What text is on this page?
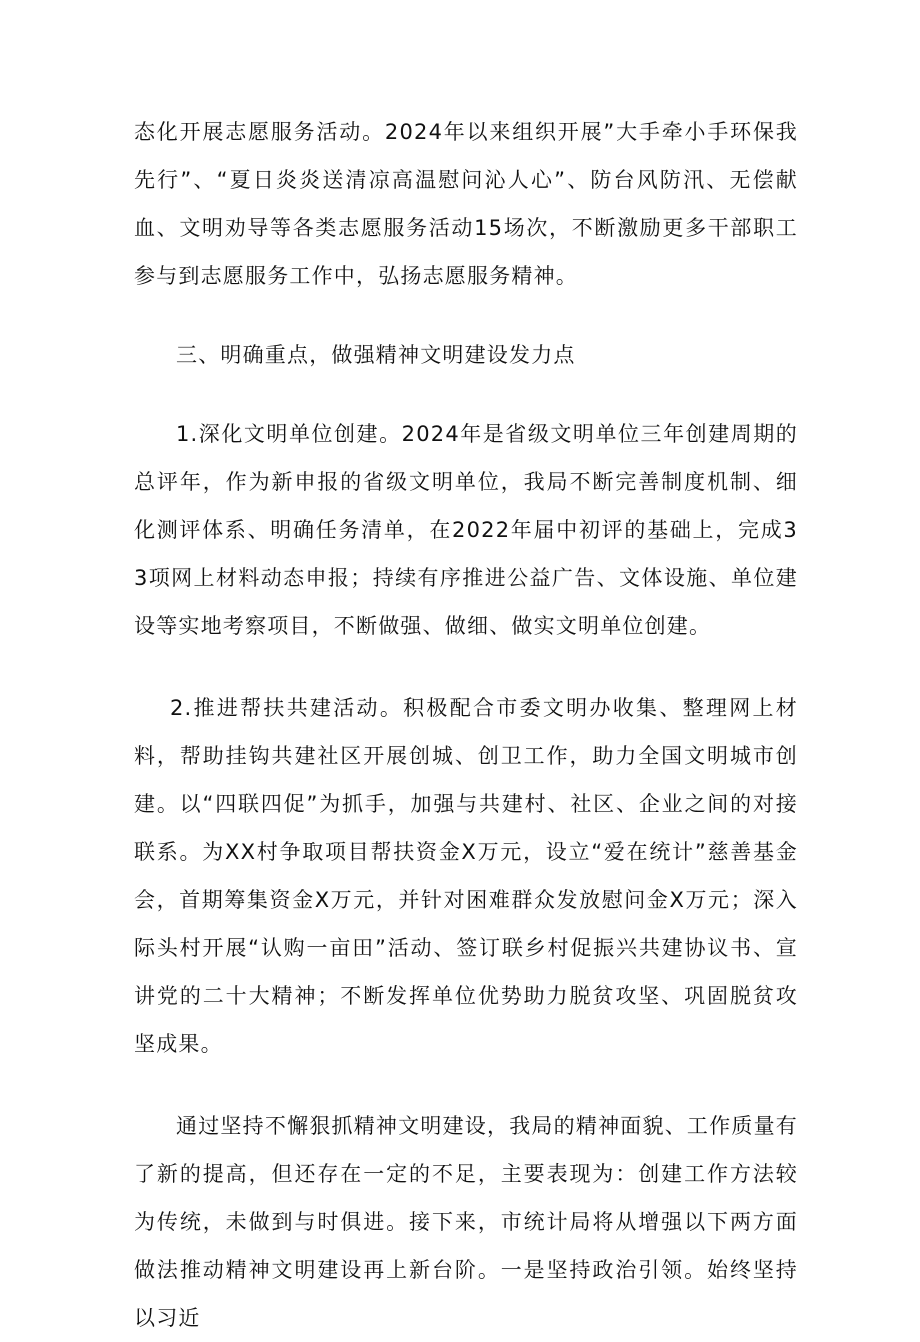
态化开展志愿服务活动。2024年以来组织开展”大手牵小手环保我先行”、“夏日炎炎送清凉高温慰问沁人心”、防台风防汛、无偿献血、文明劝导等各类志愿服务活动15场次，不断激励更多干部职工参与到志愿服务工作中，弘扬志愿服务精神。

三、明确重点，做强精神文明建设发力点

1.深化文明单位创建。2024年是省级文明单位三年创建周期的总评年，作为新申报的省级文明单位，我局不断完善制度机制、细化测评体系、明确任务清单，在2022年届中初评的基础上，完成33项网上材料动态申报；持续有序推进公益广告、文体设施、单位建设等实地考察项目，不断做强、做细、做实文明单位创建。

2.推进帮扶共建活动。积极配合市委文明办收集、整理网上材料，帮助挂钩共建社区开展创城、创卫工作，助力全国文明城市创建。以“四联四促”为抓手，加强与共建村、社区、企业之间的对接联系。为XX村争取项目帮扶资金X万元，设立“爱在统计”慈善基金会，首期筹集资金X万元，并针对困难群众发放慰问金X万元；深入际头村开展“认购一亩田”活动、签订联乡村促振兴共建协议书、宣讲党的二十大精神；不断发挥单位优势助力脱贫攻坚、巩固脱贫攻坚成果。

通过坚持不懈狠抓精神文明建设，我局的精神面貌、工作质量有了新的提高，但还存在一定的不足，主要表现为：创建工作方法较为传统，未做到与时俱进。接下来，市统计局将从增强以下两方面做法推动精神文明建设再上新台阶。一是坚持政治引领。始终坚持以习近
